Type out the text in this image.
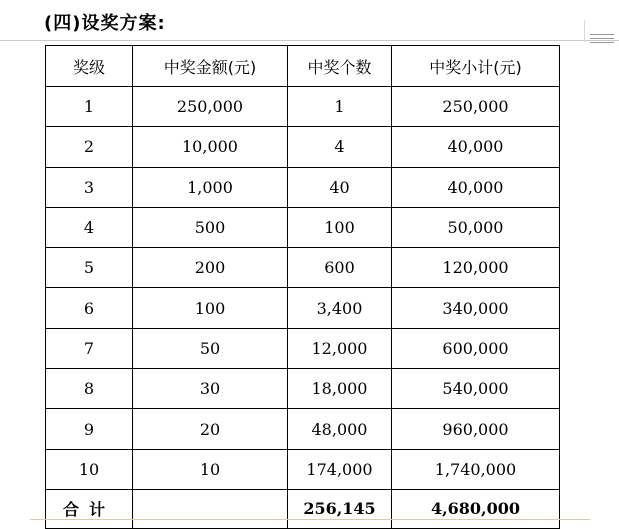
(四)设奖方案:
奖级	中奖金额(元)	中奖个数	中奖小计(元)
1	250,000	1	250,000
2	10,000	4	40,000
3	1,000	40	40,000
4	500	100	50,000
5	200	600	120,000
6	100	3,400	340,000
7	50	12,000	600,000
8	30	18,000	540,000
9	20	48,000	960,000
10	10	174,000	1,740,000
合计		256,145	4,680,000
